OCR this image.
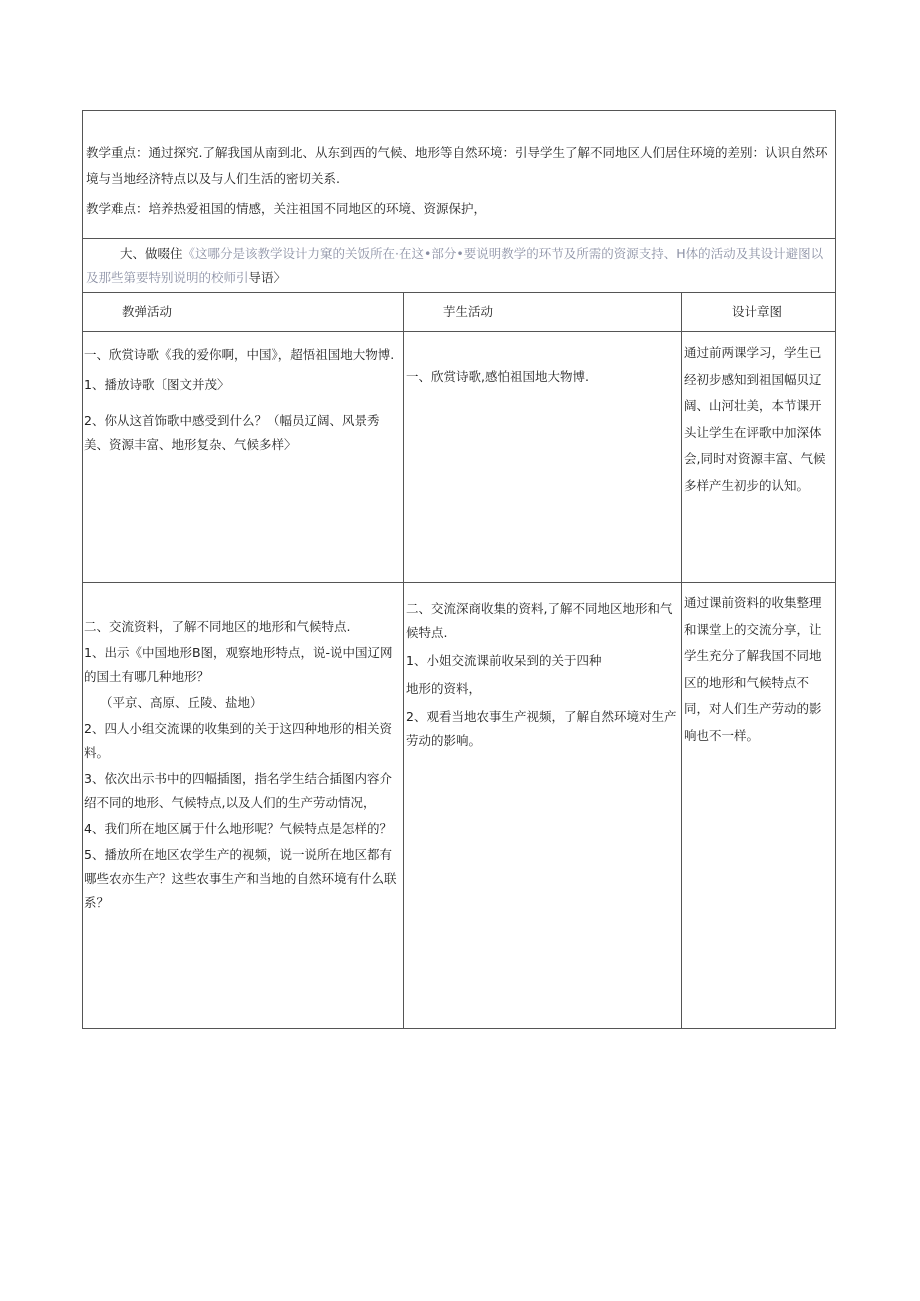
教学重点：通过探究.了解我国从南到北、从东到西的气候、地形等自然环境：引导学生了解不同地区人们居住环境的差别：认识自然环境与当地经济特点以及与人们生活的密切关系.
教学难点：培养热爱祖国的情感，关注祖国不同地区的环境、资源保护，
大、做啜住《这哪分是该教学设计力窠的关饭所在·在这•部分•要说明教学的环节及所需的资源支持、H体的活动及其设计避图以及那些第要特别说明的校师引导语〉
教弹活动	芋生活动	设计章图

一、欣赏诗歌《我的爱你啊，中国》，超悟祖国地大物博.

1、播放诗歌〔图文并茂〉

2、你从这首饰歌中感受到什么？（幅员辽阔、风景秀美、资源丰富、地形复杂、气候多样〉

一、欣赏诗歌,感怕祖国地大物博.

通过前两课学习，学生已经初步感知到祖国幅贝辽阔、山河壮美，本节课开头让学生在评歌中加深体会,同时对资源丰富、气候多样产生初步的认知。

二、交流资料，了解不同地区的地形和气候特点.

1、出示《中国地形B图，观察地形特点，说-说中国辽网的国土有哪几种地形？

（平京、高原、丘陵、盐地）

2、四人小组交流课的收集到的关于这四种地形的相关资料。

3、依次出示书中的四幅插图，指名学生结合插图内容介绍不同的地形、气候特点,以及人们的生产劳动情况，

4、我们所在地区属于什么地形呢？气候特点是怎样的？

5、播放所在地区农学生产的视频，说一说所在地区都有哪些农亦生产？这些农事生产和当地的自然环境有什么联系？

二、交流深商收集的资料,了解不同地区地形和气候特点.

1、小姐交流课前收呆到的关于四种

地形的资料，

2、观看当地农事生产视频，了解自然环境对生产劳动的影响。

通过课前资料的收集整理和课堂上的交流分享，让学生充分了解我国不同地区的地形和气候特点不同，对人们生产劳动的影响也不一样。
